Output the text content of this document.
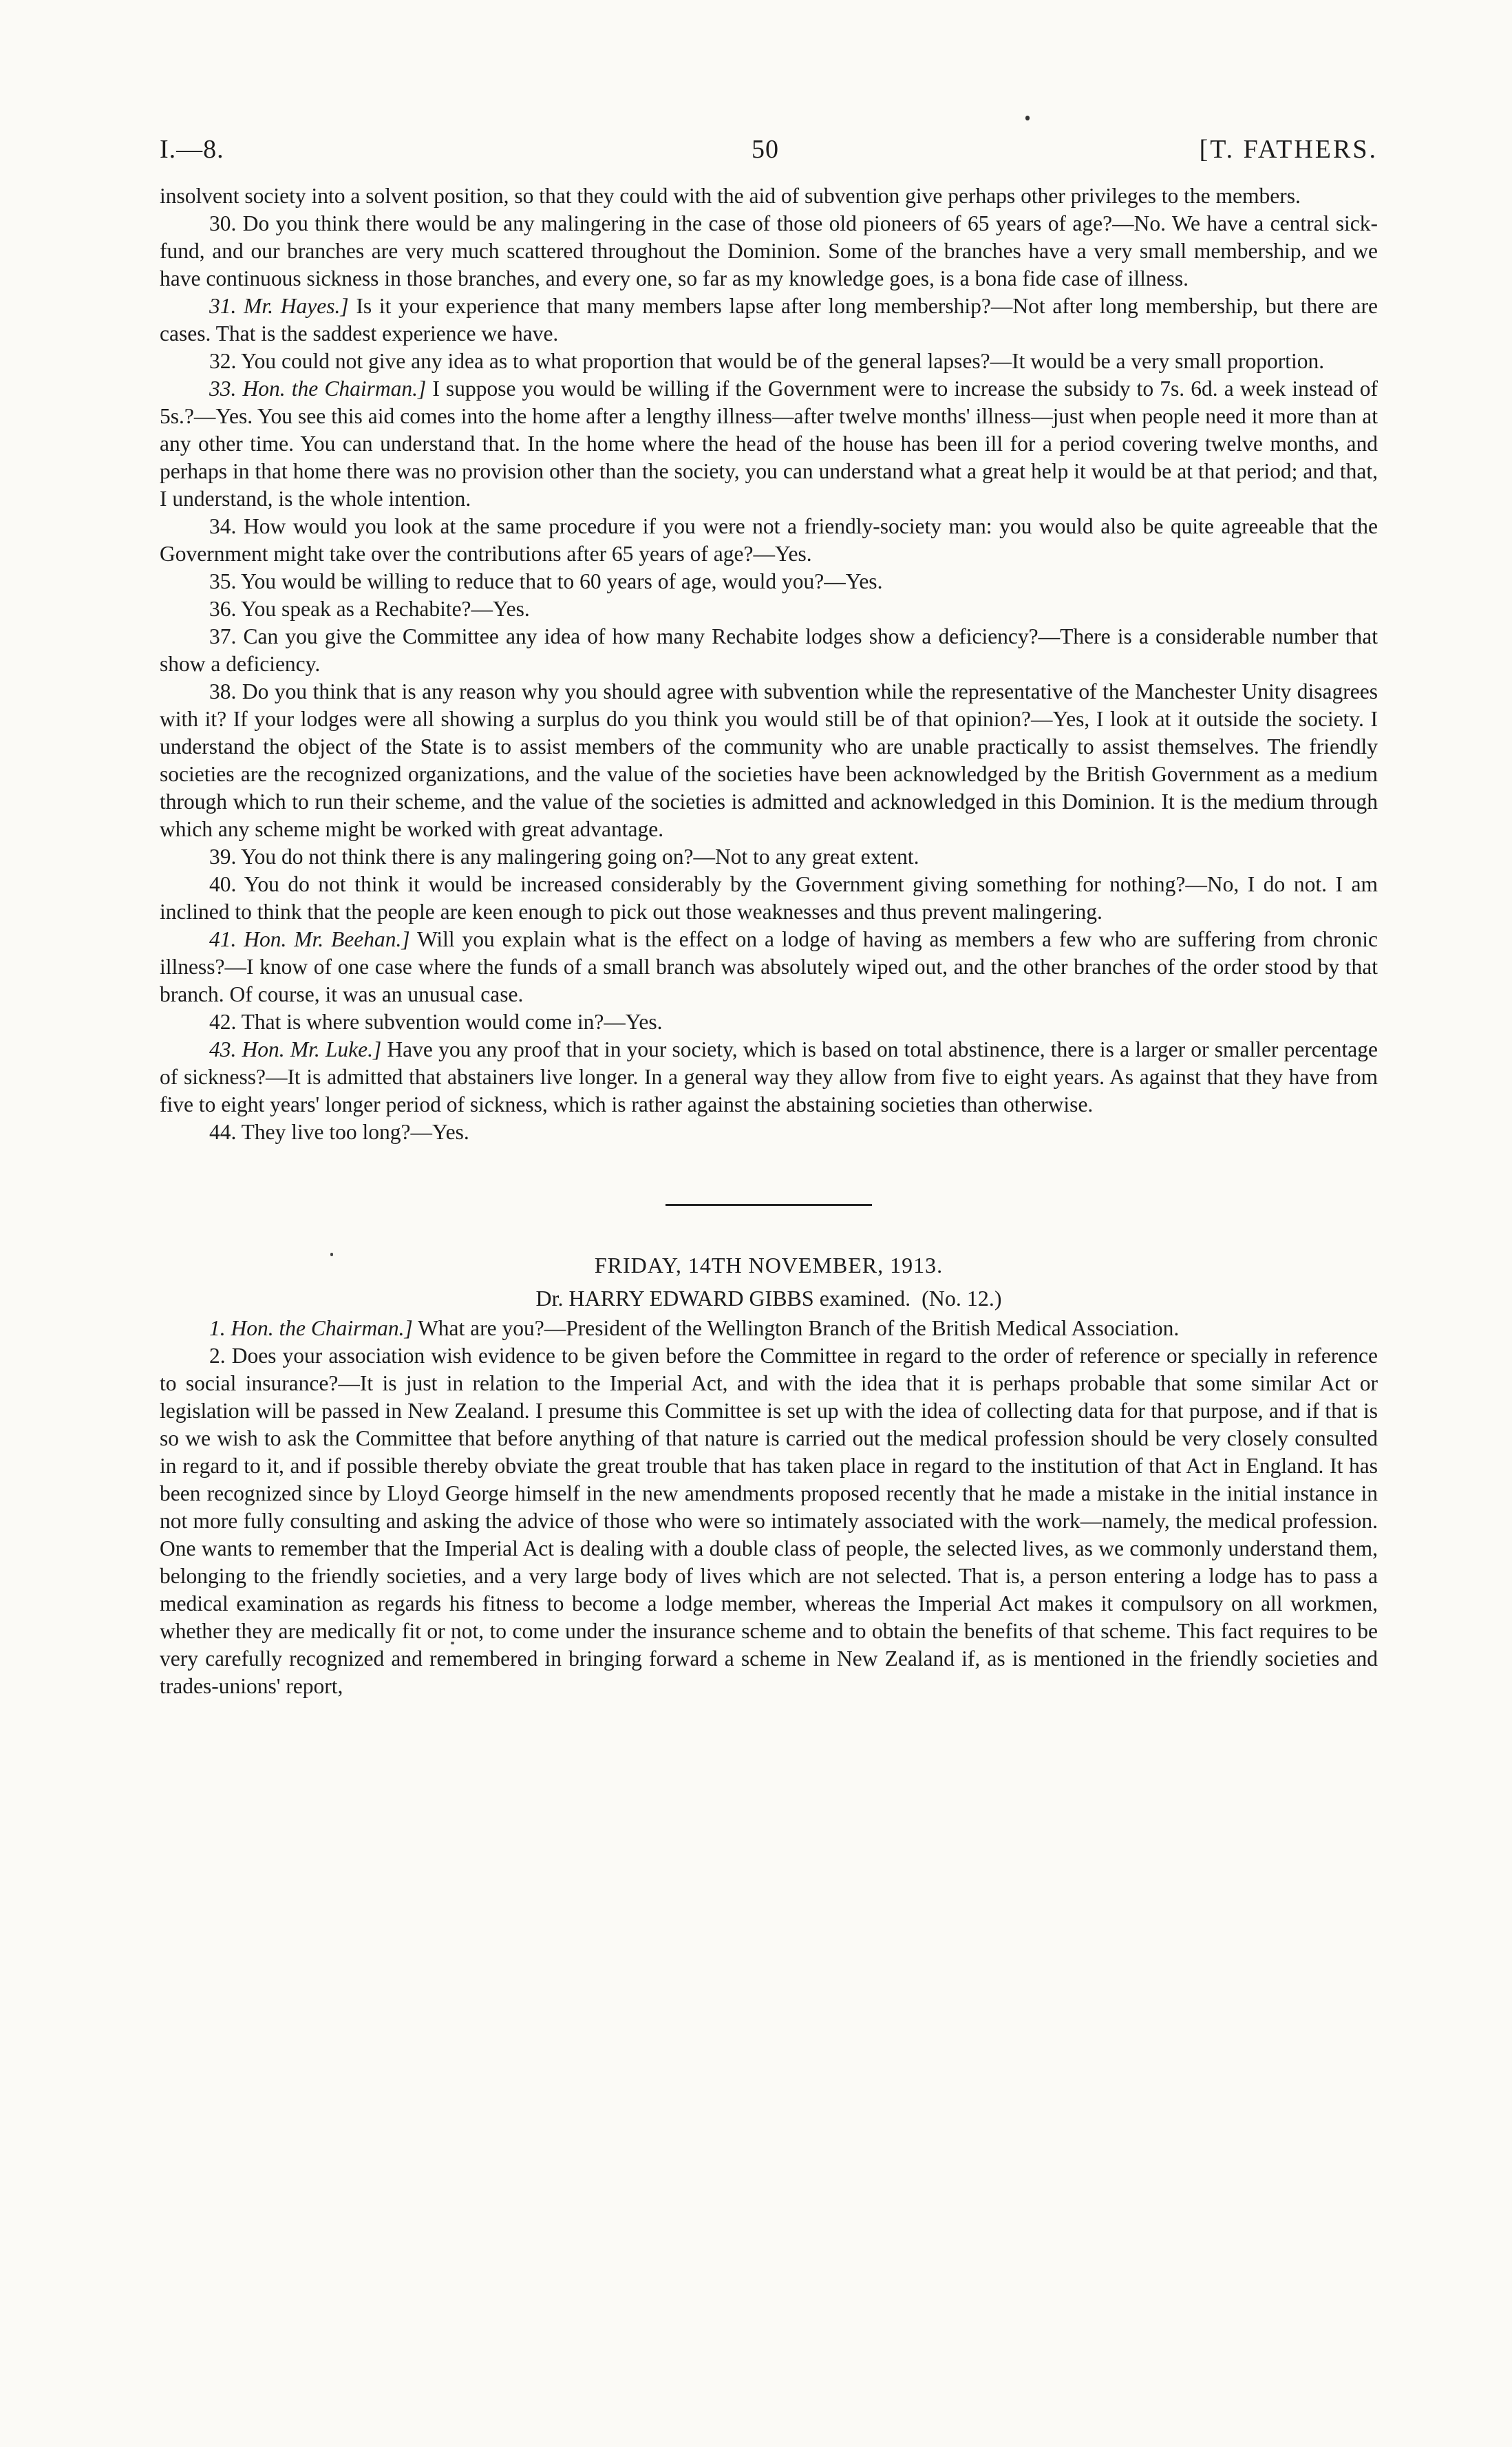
I.—8.	50	[T. FATHERS.

insolvent society into a solvent position, so that they could with the aid of subvention give perhaps other privileges to the members.

30. Do you think there would be any malingering in the case of those old pioneers of 65 years of age?—No. We have a central sick-fund, and our branches are very much scattered throughout the Dominion. Some of the branches have a very small membership, and we have continuous sickness in those branches, and every one, so far as my knowledge goes, is a bona fide case of illness.

31. Mr. Hayes.] Is it your experience that many members lapse after long membership?—Not after long membership, but there are cases. That is the saddest experience we have.

32. You could not give any idea as to what proportion that would be of the general lapses?—It would be a very small proportion.

33. Hon. the Chairman.] I suppose you would be willing if the Government were to increase the subsidy to 7s. 6d. a week instead of 5s.?—Yes. You see this aid comes into the home after a lengthy illness—after twelve months' illness—just when people need it more than at any other time. You can understand that. In the home where the head of the house has been ill for a period covering twelve months, and perhaps in that home there was no provision other than the society, you can understand what a great help it would be at that period; and that, I understand, is the whole intention.

34. How would you look at the same procedure if you were not a friendly-society man: you would also be quite agreeable that the Government might take over the contributions after 65 years of age?—Yes.

35. You would be willing to reduce that to 60 years of age, would you?—Yes.

36. You speak as a Rechabite?—Yes.

37. Can you give the Committee any idea of how many Rechabite lodges show a deficiency?—There is a considerable number that show a deficiency.

38. Do you think that is any reason why you should agree with subvention while the representative of the Manchester Unity disagrees with it? If your lodges were all showing a surplus do you think you would still be of that opinion?—Yes, I look at it outside the society. I understand the object of the State is to assist members of the community who are unable practically to assist themselves. The friendly societies are the recognized organizations, and the value of the societies have been acknowledged by the British Government as a medium through which to run their scheme, and the value of the societies is admitted and acknowledged in this Dominion. It is the medium through which any scheme might be worked with great advantage.

39. You do not think there is any malingering going on?—Not to any great extent.

40. You do not think it would be increased considerably by the Government giving something for nothing?—No, I do not. I am inclined to think that the people are keen enough to pick out those weaknesses and thus prevent malingering.

41. Hon. Mr. Beehan.] Will you explain what is the effect on a lodge of having as members a few who are suffering from chronic illness?—I know of one case where the funds of a small branch was absolutely wiped out, and the other branches of the order stood by that branch. Of course, it was an unusual case.

42. That is where subvention would come in?—Yes.

43. Hon. Mr. Luke.] Have you any proof that in your society, which is based on total abstinence, there is a larger or smaller percentage of sickness?—It is admitted that abstainers live longer. In a general way they allow from five to eight years. As against that they have from five to eight years' longer period of sickness, which is rather against the abstaining societies than otherwise.

44. They live too long?—Yes.

FRIDAY, 14TH NOVEMBER, 1913.
Dr. HARRY EDWARD GIBBS examined. (No. 12.)

1. Hon. the Chairman.] What are you?—President of the Wellington Branch of the British Medical Association.

2. Does your association wish evidence to be given before the Committee in regard to the order of reference or specially in reference to social insurance?—It is just in relation to the Imperial Act, and with the idea that it is perhaps probable that some similar Act or legislation will be passed in New Zealand. I presume this Committee is set up with the idea of collecting data for that purpose, and if that is so we wish to ask the Committee that before anything of that nature is carried out the medical profession should be very closely consulted in regard to it, and if possible thereby obviate the great trouble that has taken place in regard to the institution of that Act in England. It has been recognized since by Lloyd George himself in the new amendments proposed recently that he made a mistake in the initial instance in not more fully consulting and asking the advice of those who were so intimately associated with the work—namely, the medical profession. One wants to remember that the Imperial Act is dealing with a double class of people, the selected lives, as we commonly understand them, belonging to the friendly societies, and a very large body of lives which are not selected. That is, a person entering a lodge has to pass a medical examination as regards his fitness to become a lodge member, whereas the Imperial Act makes it compulsory on all workmen, whether they are medically fit or not, to come under the insurance scheme and to obtain the benefits of that scheme. This fact requires to be very carefully recognized and remembered in bringing forward a scheme in New Zealand if, as is mentioned in the friendly societies and trades-unions' report,
